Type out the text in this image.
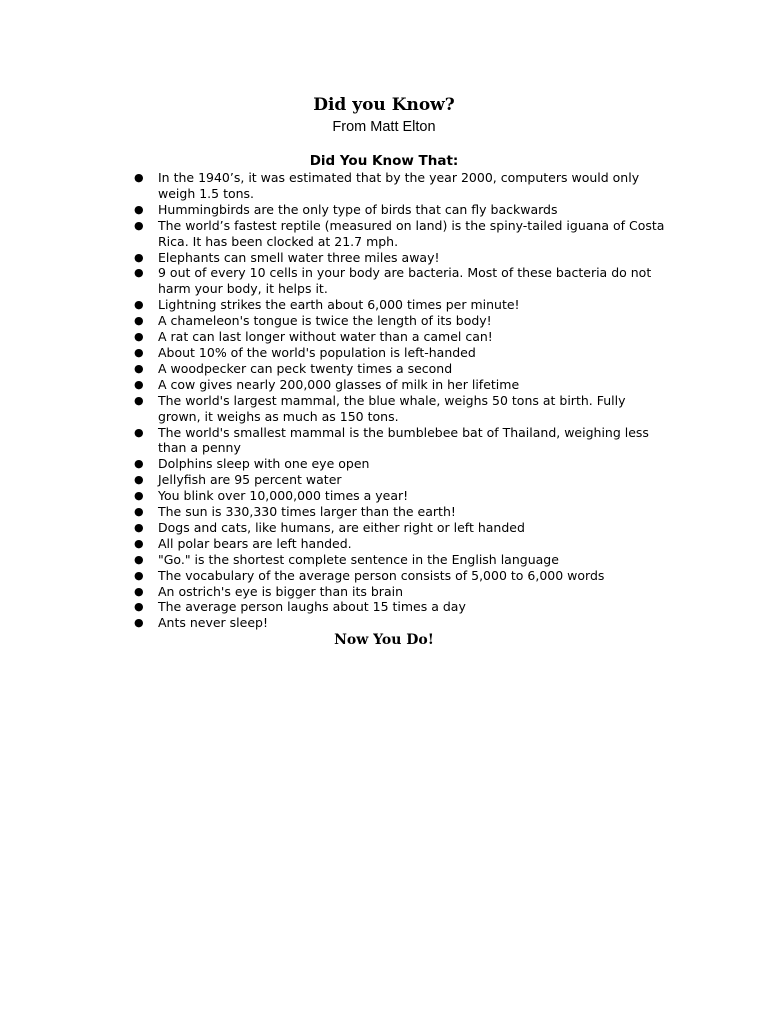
Did you Know?
From Matt Elton
Did You Know That:
● In the 1940’s, it was estimated that by the year 2000, computers would only weigh 1.5 tons.
● Hummingbirds are the only type of birds that can fly backwards
● The world’s fastest reptile (measured on land) is the spiny-tailed iguana of Costa Rica. It has been clocked at 21.7 mph.
● Elephants can smell water three miles away!
● 9 out of every 10 cells in your body are bacteria. Most of these bacteria do not harm your body, it helps it.
● Lightning strikes the earth about 6,000 times per minute!
● A chameleon's tongue is twice the length of its body!
● A rat can last longer without water than a camel can!
● About 10% of the world's population is left-handed
● A woodpecker can peck twenty times a second
● A cow gives nearly 200,000 glasses of milk in her lifetime
● The world's largest mammal, the blue whale, weighs 50 tons at birth. Fully grown, it weighs as much as 150 tons.
● The world's smallest mammal is the bumblebee bat of Thailand, weighing less than a penny
● Dolphins sleep with one eye open
● Jellyfish are 95 percent water
● You blink over 10,000,000 times a year!
● The sun is 330,330 times larger than the earth!
● Dogs and cats, like humans, are either right or left handed
● All polar bears are left handed.
● "Go." is the shortest complete sentence in the English language
● The vocabulary of the average person consists of 5,000 to 6,000 words
● An ostrich's eye is bigger than its brain
● The average person laughs about 15 times a day
● Ants never sleep!
Now You Do!
